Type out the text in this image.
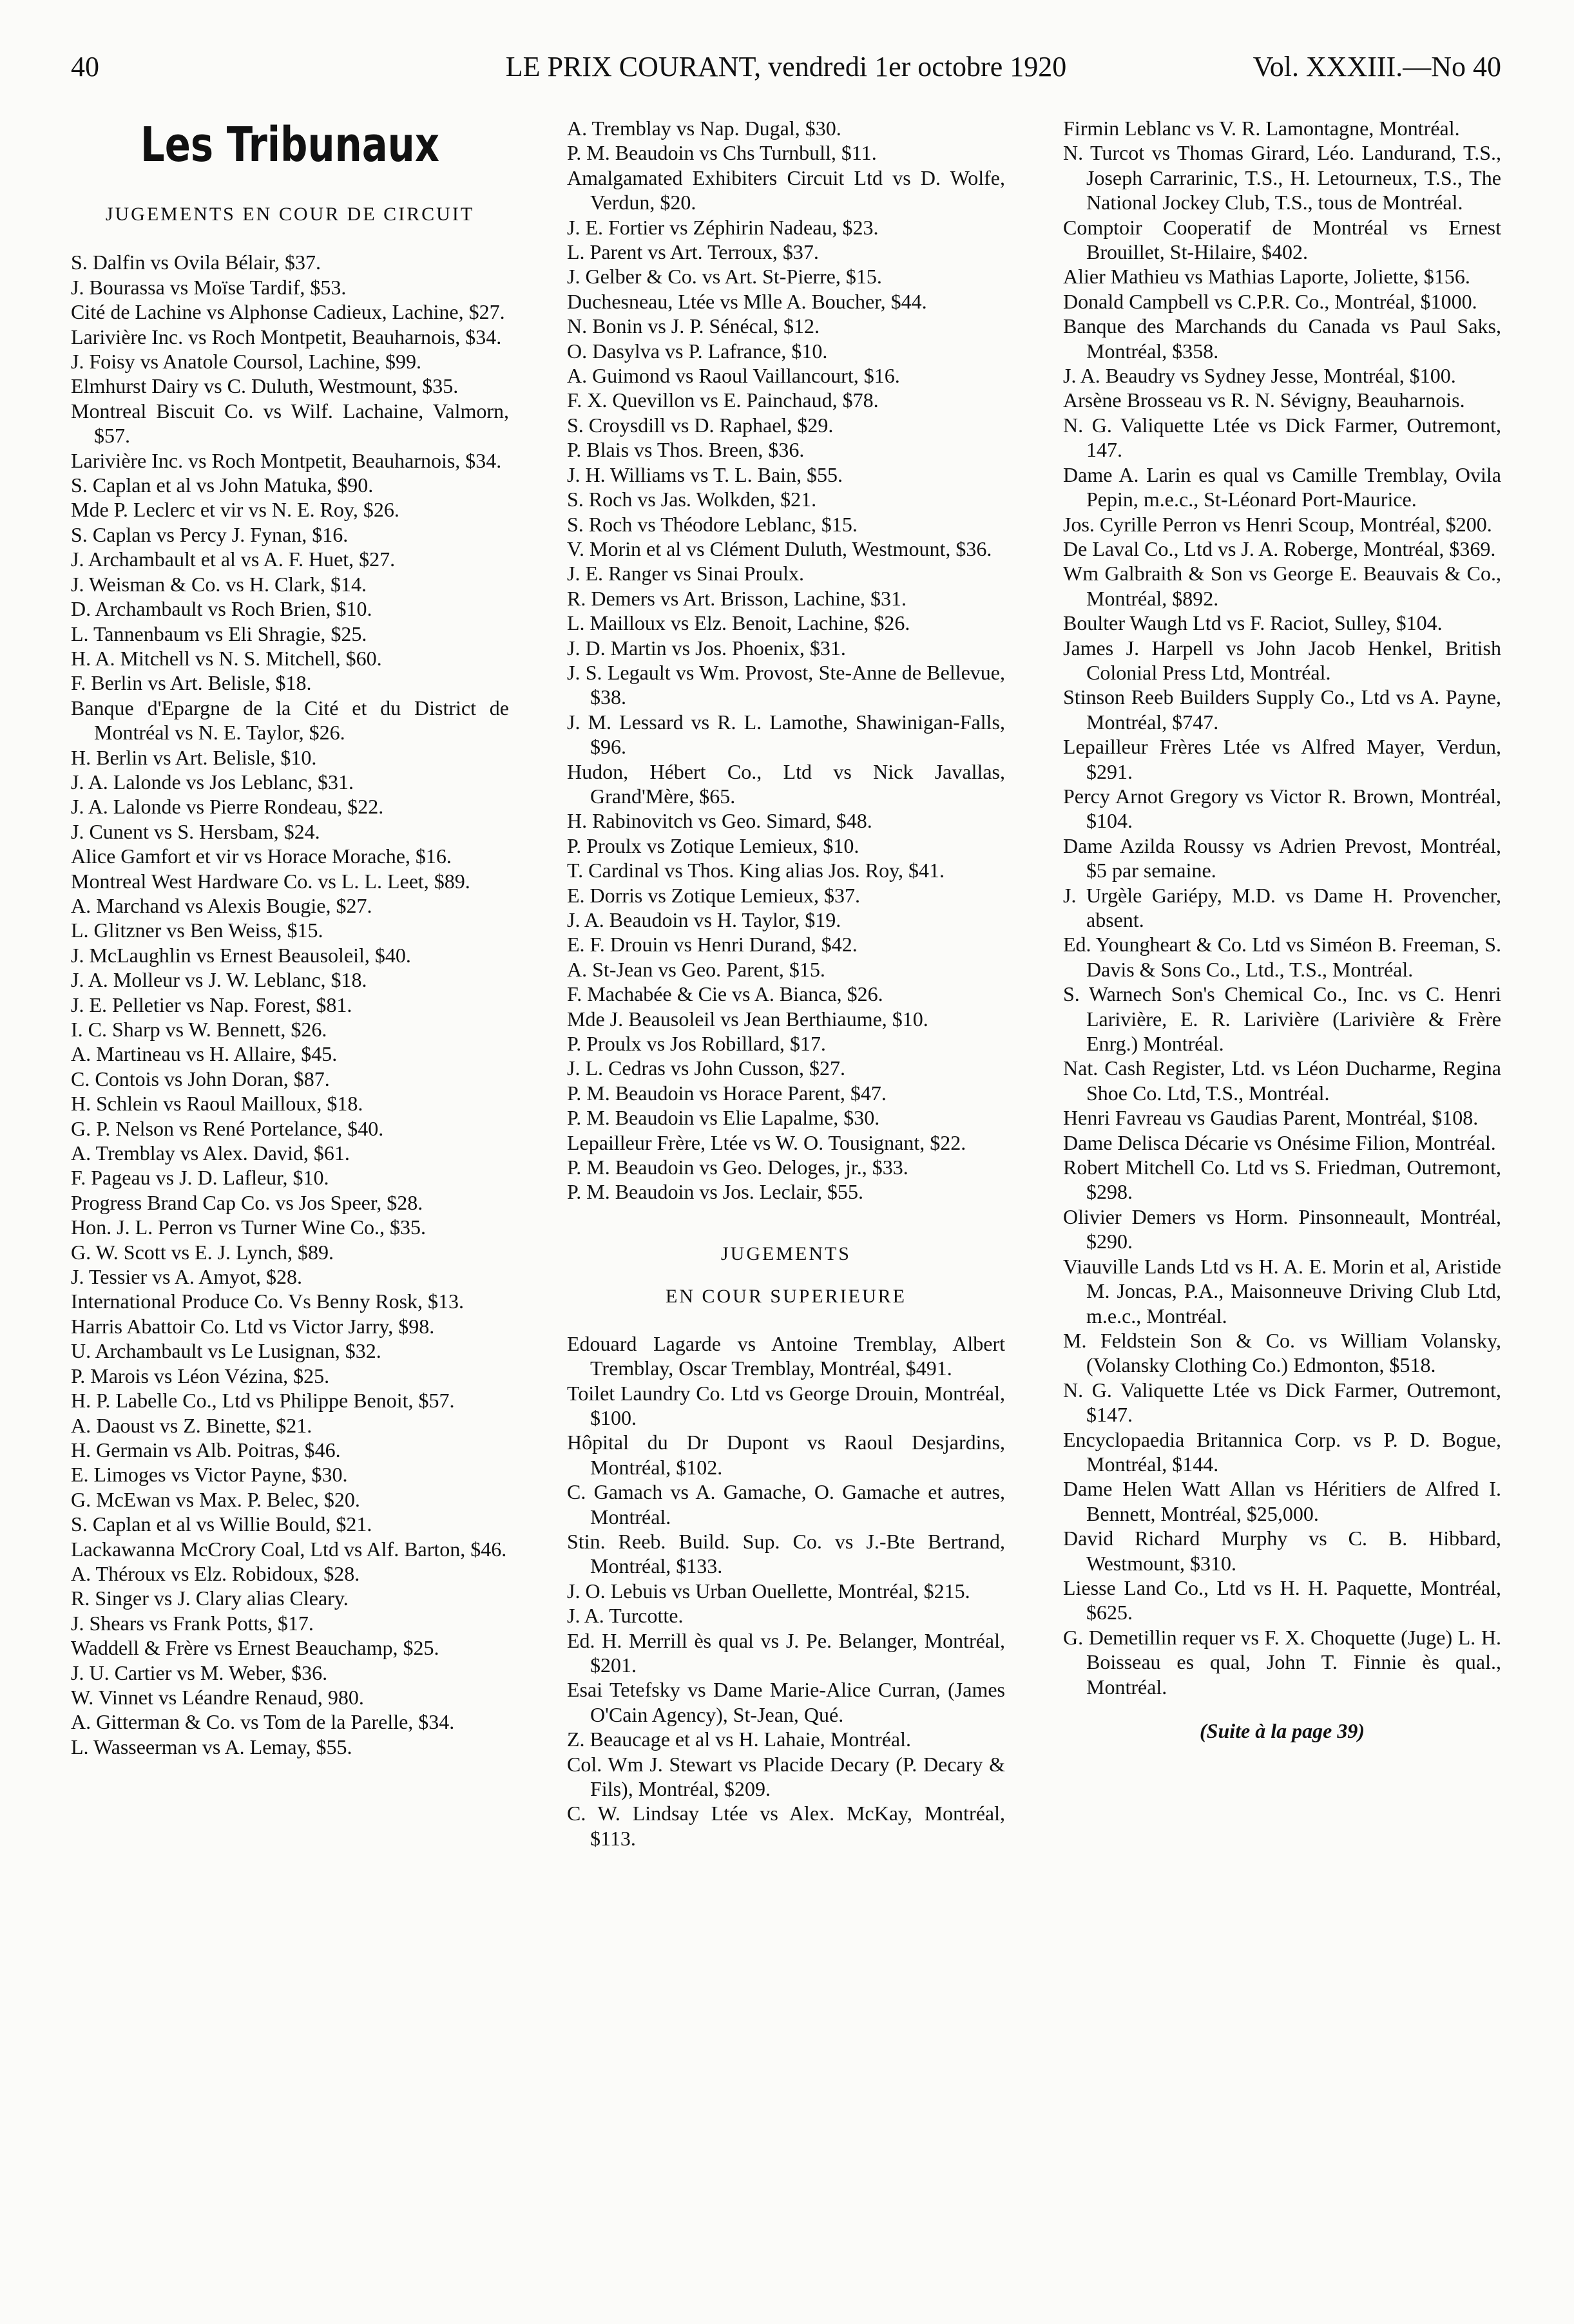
40	LE PRIX COURANT, vendredi 1er octobre 1920	Vol. XXXIII.—No 40
Les Tribunaux
JUGEMENTS EN COUR DE CIRCUIT

S. Dalfin vs Ovila Bélair, $37.

J. Bourassa vs Moïse Tardif, $53.

Cité de Lachine vs Alphonse Cadieux, Lachine, $27.

Larivière Inc. vs Roch Montpetit, Beauharnois, $34.

J. Foisy vs Anatole Coursol, Lachine, $99.

Elmhurst Dairy vs C. Duluth, Westmount, $35.

Montreal Biscuit Co. vs Wilf. Lachaine, Valmorn, $57.

Larivière Inc. vs Roch Montpetit, Beauharnois, $34.

S. Caplan et al vs John Matuka, $90.

Mde P. Leclerc et vir vs N. E. Roy, $26.

S. Caplan vs Percy J. Fynan, $16.

J. Archambault et al vs A. F. Huet, $27.

J. Weisman & Co. vs H. Clark, $14.

D. Archambault vs Roch Brien, $10.

L. Tannenbaum vs Eli Shragie, $25.

H. A. Mitchell vs N. S. Mitchell, $60.

F. Berlin vs Art. Belisle, $18.

Banque d'Epargne de la Cité et du District de Montréal vs N. E. Taylor, $26.

H. Berlin vs Art. Belisle, $10.

J. A. Lalonde vs Jos Leblanc, $31.

J. A. Lalonde vs Pierre Rondeau, $22.

J. Cunent vs S. Hersbam, $24.

Alice Gamfort et vir vs Horace Morache, $16.

Montreal West Hardware Co. vs L. L. Leet, $89.

A. Marchand vs Alexis Bougie, $27.

L. Glitzner vs Ben Weiss, $15.

J. McLaughlin vs Ernest Beausoleil, $40.

J. A. Molleur vs J. W. Leblanc, $18.

J. E. Pelletier vs Nap. Forest, $81.

I. C. Sharp vs W. Bennett, $26.

A. Martineau vs H. Allaire, $45.

C. Contois vs John Doran, $87.

H. Schlein vs Raoul Mailloux, $18.

G. P. Nelson vs René Portelance, $40.

A. Tremblay vs Alex. David, $61.

F. Pageau vs J. D. Lafleur, $10.

Progress Brand Cap Co. vs Jos Speer, $28.

Hon. J. L. Perron vs Turner Wine Co., $35.

G. W. Scott vs E. J. Lynch, $89.

J. Tessier vs A. Amyot, $28.

International Produce Co. Vs Benny Rosk, $13.

Harris Abattoir Co. Ltd vs Victor Jarry, $98.

U. Archambault vs Le Lusignan, $32.

P. Marois vs Léon Vézina, $25.

H. P. Labelle Co., Ltd vs Philippe Benoit, $57.

A. Daoust vs Z. Binette, $21.

H. Germain vs Alb. Poitras, $46.

E. Limoges vs Victor Payne, $30.

G. McEwan vs Max. P. Belec, $20.

S. Caplan et al vs Willie Bould, $21.

Lackawanna McCrory Coal, Ltd vs Alf. Barton, $46.

A. Théroux vs Elz. Robidoux, $28.

R. Singer vs J. Clary alias Cleary.

J. Shears vs Frank Potts, $17.

Waddell & Frère vs Ernest Beauchamp, $25.

J. U. Cartier vs M. Weber, $36.

W. Vinnet vs Léandre Renaud, 980.

A. Gitterman & Co. vs Tom de la Parelle, $34.

L. Wasseerman vs A. Lemay, $55.

A. Tremblay vs Nap. Dugal, $30.

P. M. Beaudoin vs Chs Turnbull, $11.

Amalgamated Exhibiters Circuit Ltd vs D. Wolfe, Verdun, $20.

J. E. Fortier vs Zéphirin Nadeau, $23.

L. Parent vs Art. Terroux, $37.

J. Gelber & Co. vs Art. St-Pierre, $15.

Duchesneau, Ltée vs Mlle A. Boucher, $44.

N. Bonin vs J. P. Sénécal, $12.

O. Dasylva vs P. Lafrance, $10.

A. Guimond vs Raoul Vaillancourt, $16.

F. X. Quevillon vs E. Painchaud, $78.

S. Croysdill vs D. Raphael, $29.

P. Blais vs Thos. Breen, $36.

J. H. Williams vs T. L. Bain, $55.

S. Roch vs Jas. Wolkden, $21.

S. Roch vs Théodore Leblanc, $15.

V. Morin et al vs Clément Duluth, Westmount, $36.

J. E. Ranger vs Sinai Proulx.

R. Demers vs Art. Brisson, Lachine, $31.

L. Mailloux vs Elz. Benoit, Lachine, $26.

J. D. Martin vs Jos. Phoenix, $31.

J. S. Legault vs Wm. Provost, Ste-Anne de Bellevue, $38.

J. M. Lessard vs R. L. Lamothe, Shawinigan-Falls, $96.

Hudon, Hébert Co., Ltd vs Nick Javallas, Grand'Mère, $65.

H. Rabinovitch vs Geo. Simard, $48.

P. Proulx vs Zotique Lemieux, $10.

T. Cardinal vs Thos. King alias Jos. Roy, $41.

E. Dorris vs Zotique Lemieux, $37.

J. A. Beaudoin vs H. Taylor, $19.

E. F. Drouin vs Henri Durand, $42.

A. St-Jean vs Geo. Parent, $15.

F. Machabée & Cie vs A. Bianca, $26.

Mde J. Beausoleil vs Jean Berthiaume, $10.

P. Proulx vs Jos Robillard, $17.

J. L. Cedras vs John Cusson, $27.

P. M. Beaudoin vs Horace Parent, $47.

P. M. Beaudoin vs Elie Lapalme, $30.

Lepailleur Frère, Ltée vs W. O. Tousignant, $22.

P. M. Beaudoin vs Geo. Deloges, jr., $33.

P. M. Beaudoin vs Jos. Leclair, $55.

JUGEMENTS
EN COUR SUPERIEURE

Edouard Lagarde vs Antoine Tremblay, Albert Tremblay, Oscar Tremblay, Montréal, $491.

Toilet Laundry Co. Ltd vs George Drouin, Montréal, $100.

Hôpital du Dr Dupont vs Raoul Desjardins, Montréal, $102.

C. Gamach vs A. Gamache, O. Gamache et autres, Montréal.

Stin. Reeb. Build. Sup. Co. vs J.-Bte Bertrand, Montréal, $133.

J. O. Lebuis vs Urban Ouellette, Montréal, $215.

J. A. Turcotte.

Ed. H. Merrill ès qual vs J. Pe. Belanger, Montréal, $201.

Esai Tetefsky vs Dame Marie-Alice Curran, (James O'Cain Agency), St-Jean, Qué.

Z. Beaucage et al vs H. Lahaie, Montréal.

Col. Wm J. Stewart vs Placide Decary (P. Decary & Fils), Montréal, $209.

C. W. Lindsay Ltée vs Alex. McKay, Montréal, $113.

Firmin Leblanc vs V. R. Lamontagne, Montréal.

N. Turcot vs Thomas Girard, Léo. Landurand, T.S., Joseph Carrarinic, T.S., H. Letourneux, T.S., The National Jockey Club, T.S., tous de Montréal.

Comptoir Cooperatif de Montréal vs Ernest Brouillet, St-Hilaire, $402.

Alier Mathieu vs Mathias Laporte, Joliette, $156.

Donald Campbell vs C.P.R. Co., Montréal, $1000.

Banque des Marchands du Canada vs Paul Saks, Montréal, $358.

J. A. Beaudry vs Sydney Jesse, Montréal, $100.

Arsène Brosseau vs R. N. Sévigny, Beauharnois.

N. G. Valiquette Ltée vs Dick Farmer, Outremont, 147.

Dame A. Larin es qual vs Camille Tremblay, Ovila Pepin, m.e.c., St-Léonard Port-Maurice.

Jos. Cyrille Perron vs Henri Scoup, Montréal, $200.

De Laval Co., Ltd vs J. A. Roberge, Montréal, $369.

Wm Galbraith & Son vs George E. Beauvais & Co., Montréal, $892.

Boulter Waugh Ltd vs F. Raciot, Sulley, $104.

James J. Harpell vs John Jacob Henkel, British Colonial Press Ltd, Montréal.

Stinson Reeb Builders Supply Co., Ltd vs A. Payne, Montréal, $747.

Lepailleur Frères Ltée vs Alfred Mayer, Verdun, $291.

Percy Arnot Gregory vs Victor R. Brown, Montréal, $104.

Dame Azilda Roussy vs Adrien Prevost, Montréal, $5 par semaine.

J. Urgèle Gariépy, M.D. vs Dame H. Provencher, absent.

Ed. Youngheart & Co. Ltd vs Siméon B. Freeman, S. Davis & Sons Co., Ltd., T.S., Montréal.

S. Warnech Son's Chemical Co., Inc. vs C. Henri Larivière, E. R. Larivière (Larivière & Frère Enrg.) Montréal.

Nat. Cash Register, Ltd. vs Léon Ducharme, Regina Shoe Co. Ltd, T.S., Montréal.

Henri Favreau vs Gaudias Parent, Montréal, $108.

Dame Delisca Décarie vs Onésime Filion, Montréal.

Robert Mitchell Co. Ltd vs S. Friedman, Outremont, $298.

Olivier Demers vs Horm. Pinsonneault, Montréal, $290.

Viauville Lands Ltd vs H. A. E. Morin et al, Aristide M. Joncas, P.A., Maisonneuve Driving Club Ltd, m.e.c., Montréal.

M. Feldstein Son & Co. vs William Volansky, (Volansky Clothing Co.) Edmonton, $518.

N. G. Valiquette Ltée vs Dick Farmer, Outremont, $147.

Encyclopaedia Britannica Corp. vs P. D. Bogue, Montréal, $144.

Dame Helen Watt Allan vs Héritiers de Alfred I. Bennett, Montréal, $25,000.

David Richard Murphy vs C. B. Hibbard, Westmount, $310.

Liesse Land Co., Ltd vs H. H. Paquette, Montréal, $625.

G. Demetillin requer vs F. X. Choquette (Juge) L. H. Boisseau es qual, John T. Finnie ès qual., Montréal.

(Suite à la page 39)
